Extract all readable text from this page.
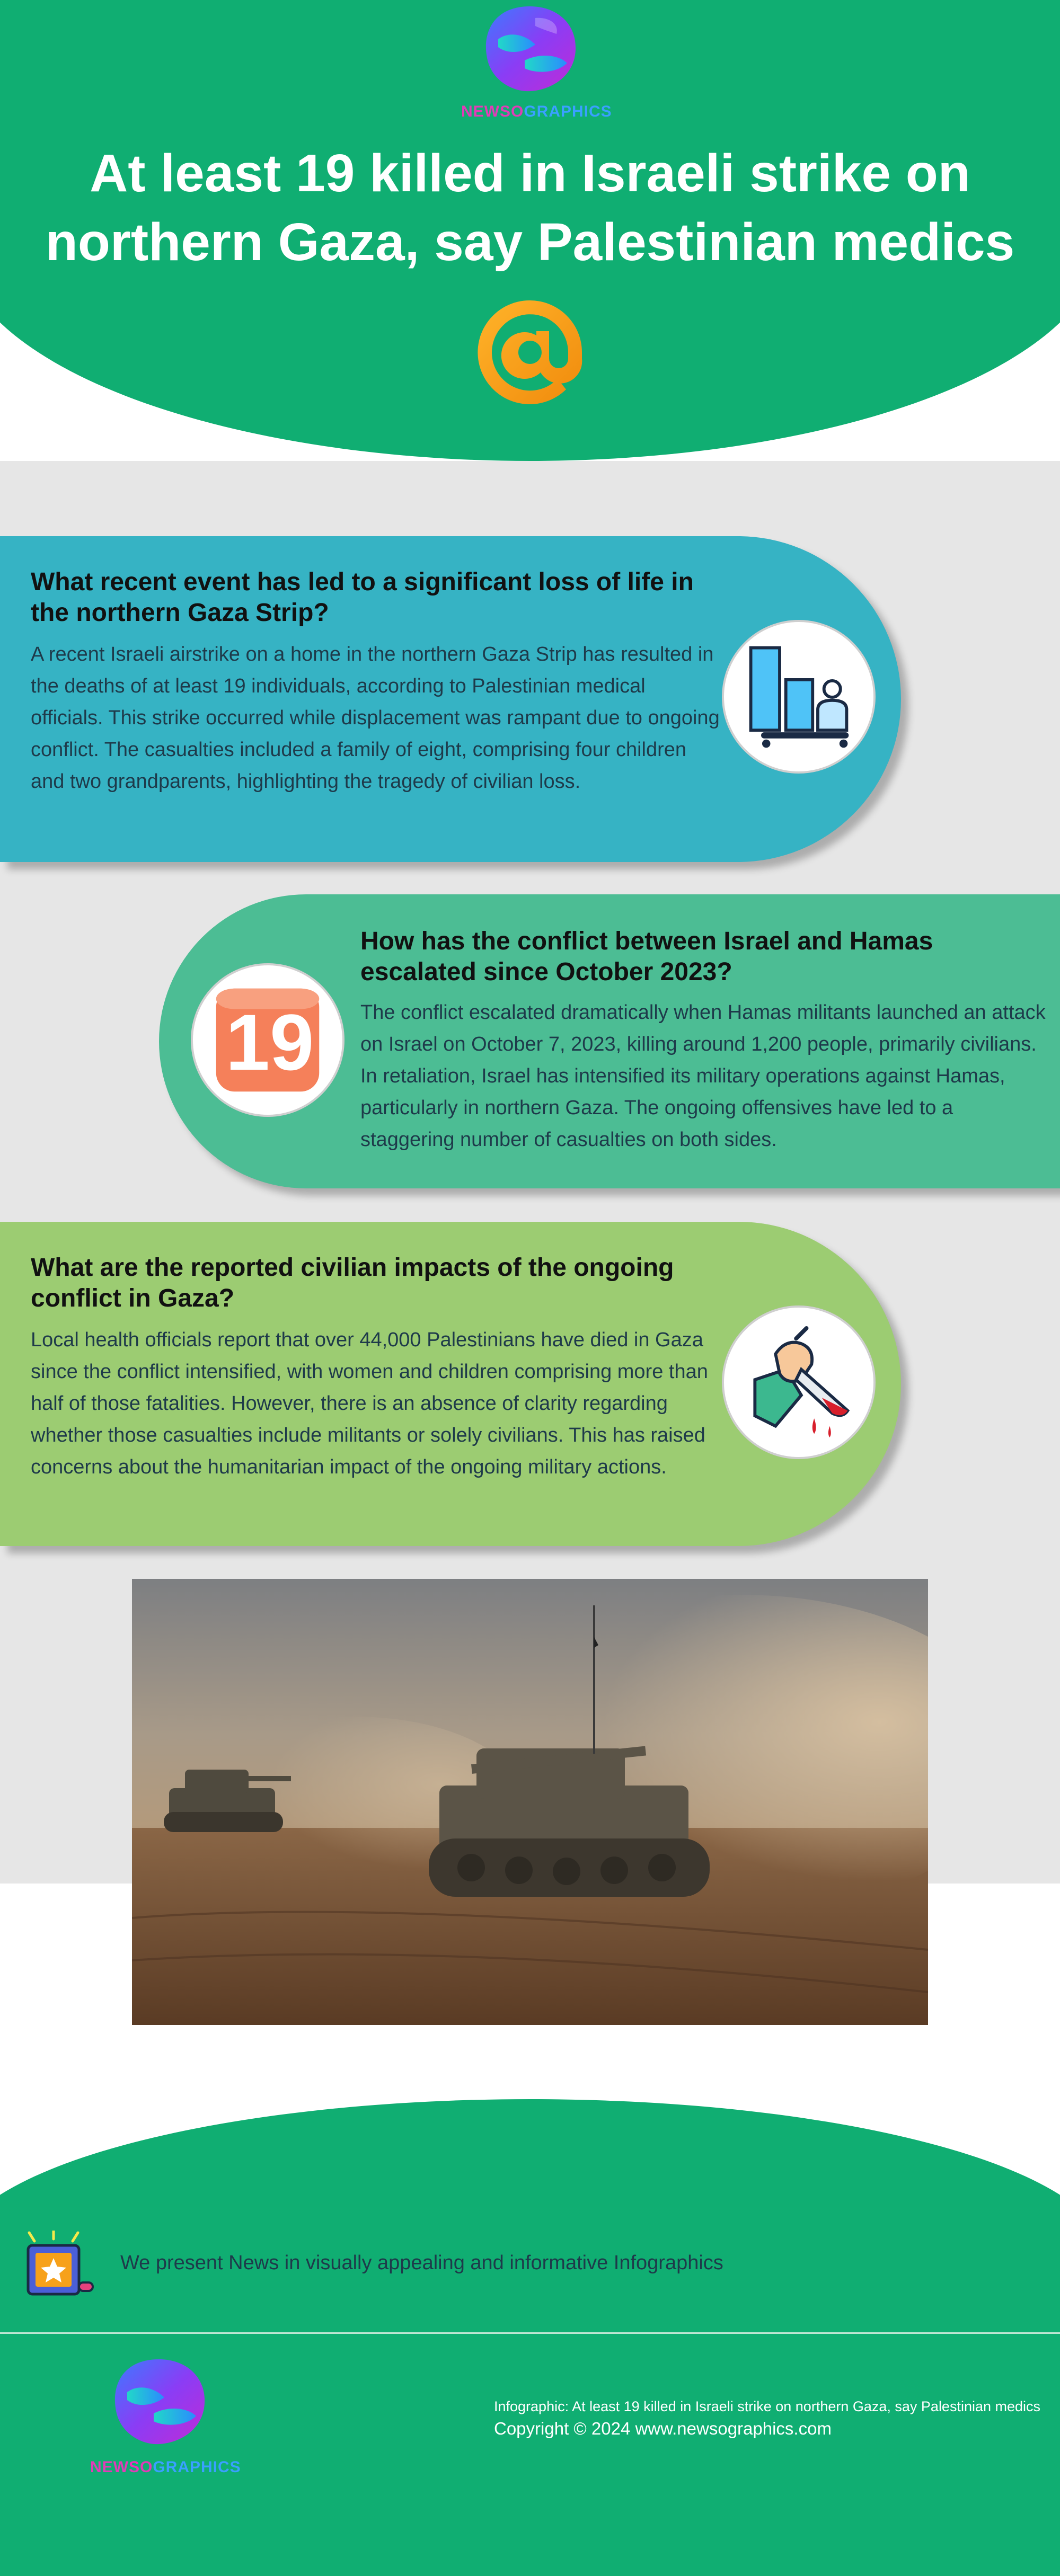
NEWSOGRAPHICS
At least 19 killed in Israeli strike on northern Gaza, say Palestinian medics
What recent event has led to a significant loss of life in the northern Gaza Strip?
A recent Israeli airstrike on a home in the northern Gaza Strip has resulted in the deaths of at least 19 individuals, according to Palestinian medical officials. This strike occurred while displacement was rampant due to ongoing conflict. The casualties included a family of eight, comprising four children and two grandparents, highlighting the tragedy of civilian loss.
19
How has the conflict between Israel and Hamas escalated since October 2023?
The conflict escalated dramatically when Hamas militants launched an attack on Israel on October 7, 2023, killing around 1,200 people, primarily civilians. In retaliation, Israel has intensified its military operations against Hamas, particularly in northern Gaza. The ongoing offensives have led to a staggering number of casualties on both sides.
What are the reported civilian impacts of the ongoing conflict in Gaza?
Local health officials report that over 44,000 Palestinians have died in Gaza since the conflict intensified, with women and children comprising more than half of those fatalities. However, there is an absence of clarity regarding whether those casualties include militants or solely civilians. This has raised concerns about the humanitarian impact of the ongoing military actions.
We present News in visually appealing and informative Infographics
NEWSOGRAPHICS
Infographic: At least 19 killed in Israeli strike on northern Gaza, say Palestinian medics
Copyright © 2024 www.newsographics.com
